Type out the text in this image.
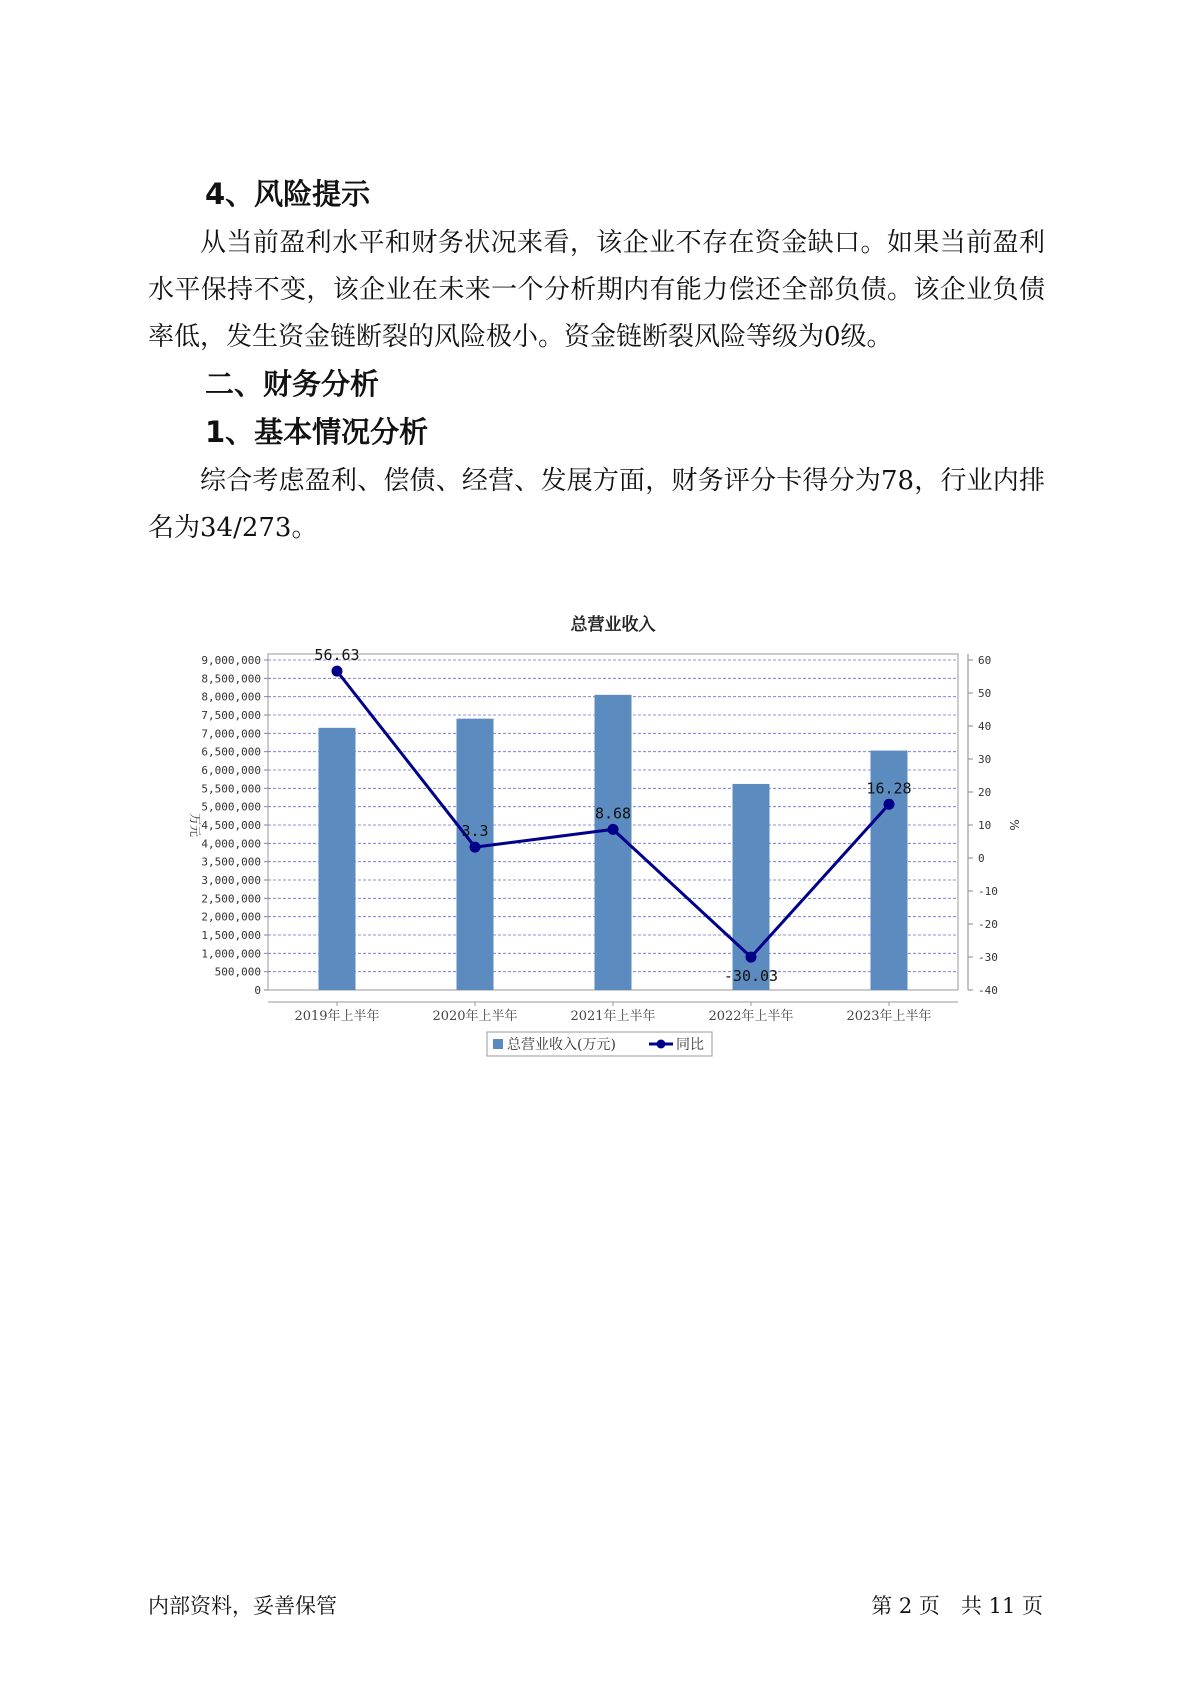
4、风险提示

从当前盈利水平和财务状况来看，该企业不存在资金缺口。如果当前盈利水平保持不变，该企业在未来一个分析期内有能力偿还全部负债。该企业负债率低，发生资金链断裂的风险极小。资金链断裂风险等级为0级。

二、财务分析
1、基本情况分析

综合考虑盈利、偿债、经营、发展方面，财务评分卡得分为78，行业内排名为34/273。

总营业收入
0
500,000
1,000,000
1,500,000
2,000,000
2,500,000
3,000,000
3,500,000
4,000,000
4,500,000
5,000,000
5,500,000
6,000,000
6,500,000
7,000,000
7,500,000
8,000,000
8,500,000
9,000,000
-40
-30
-20
-10
0
10
20
30
40
50
60
万元	%
2019年上半年	2020年上半年	2021年上半年	2022年上半年	2023年上半年
56.63
3.3
8.68
-30.03
16.28
总营业收入(万元)	同比
内部资料，妥善保管	第 2 页　共 11 页
